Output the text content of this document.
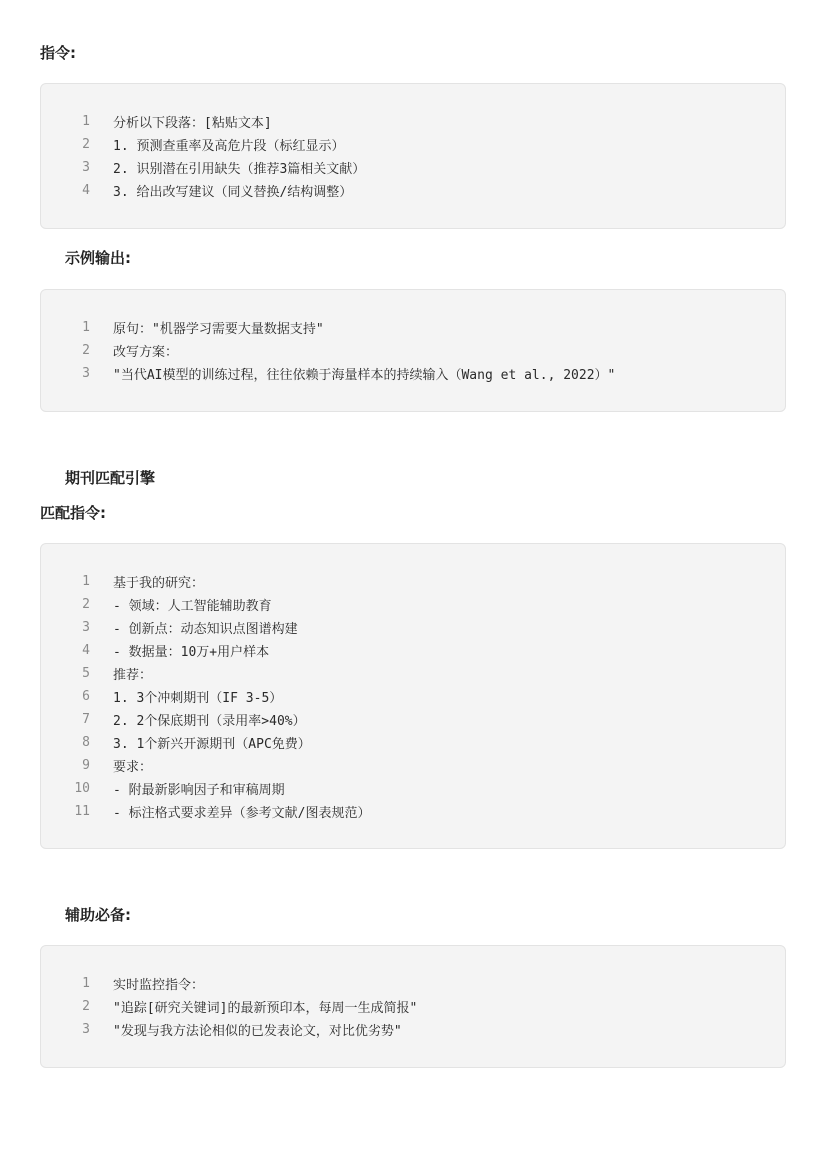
指令:
1 分析以下段落：[粘贴文本]
2 1. 预测查重率及高危片段（标红显示）
3 2. 识别潜在引用缺失（推荐3篇相关文献）
4 3. 给出改写建议（同义替换/结构调整）
示例输出:
1 原句："机器学习需要大量数据支持"
2 改写方案：
3 "当代AI模型的训练过程，往往依赖于海量样本的持续输入（Wang et al., 2022）"
期刊匹配引擎
匹配指令:
1 基于我的研究：
2 - 领域：人工智能辅助教育
3 - 创新点：动态知识点图谱构建
4 - 数据量：10万+用户样本
5 推荐：
6 1. 3个冲刺期刊（IF 3-5）
7 2. 2个保底期刊（录用率>40%）
8 3. 1个新兴开源期刊（APC免费）
9 要求：
10 - 附最新影响因子和审稿周期
11 - 标注格式要求差异（参考文献/图表规范）
辅助必备:
1 实时监控指令：
2 "追踪[研究关键词]的最新预印本，每周一生成简报"
3 "发现与我方法论相似的已发表论文，对比优劣势"
